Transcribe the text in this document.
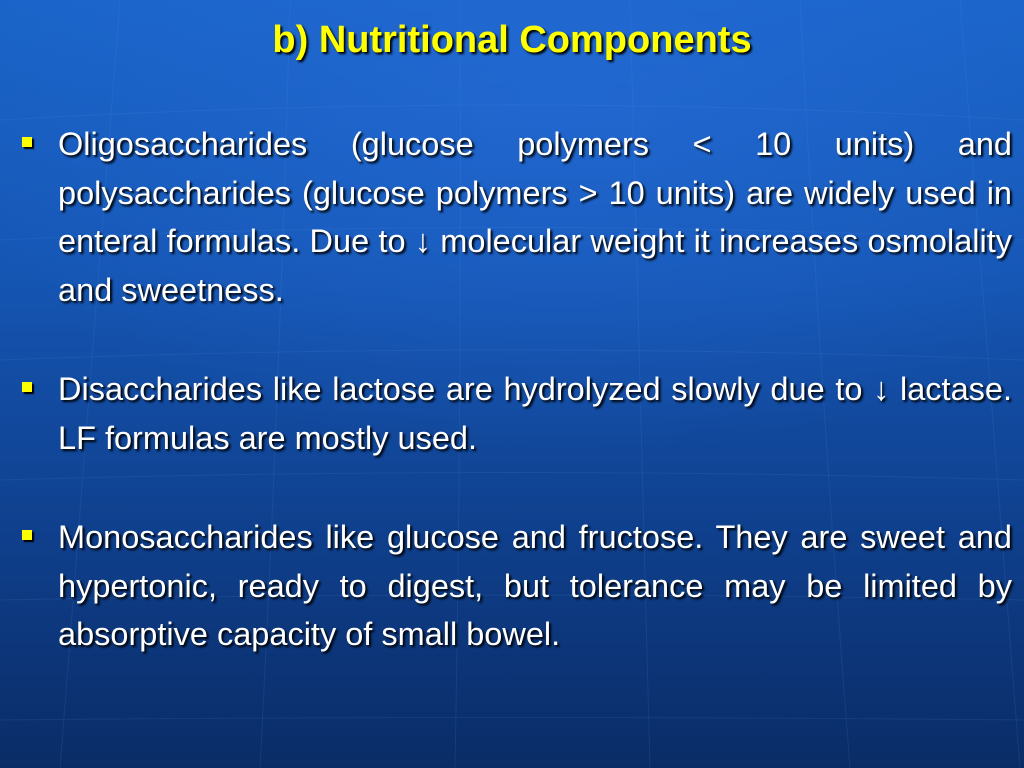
b) Nutritional Components
Oligosaccharides (glucose polymers < 10 units) and polysaccharides (glucose polymers > 10 units) are widely used in enteral formulas. Due to ↓ molecular weight it increases osmolality and sweetness.
Disaccharides like lactose are hydrolyzed slowly due to ↓ lactase. LF formulas are mostly used.
Monosaccharides like glucose and fructose. They are sweet and hypertonic, ready to digest, but tolerance may be limited by absorptive capacity of small bowel.
